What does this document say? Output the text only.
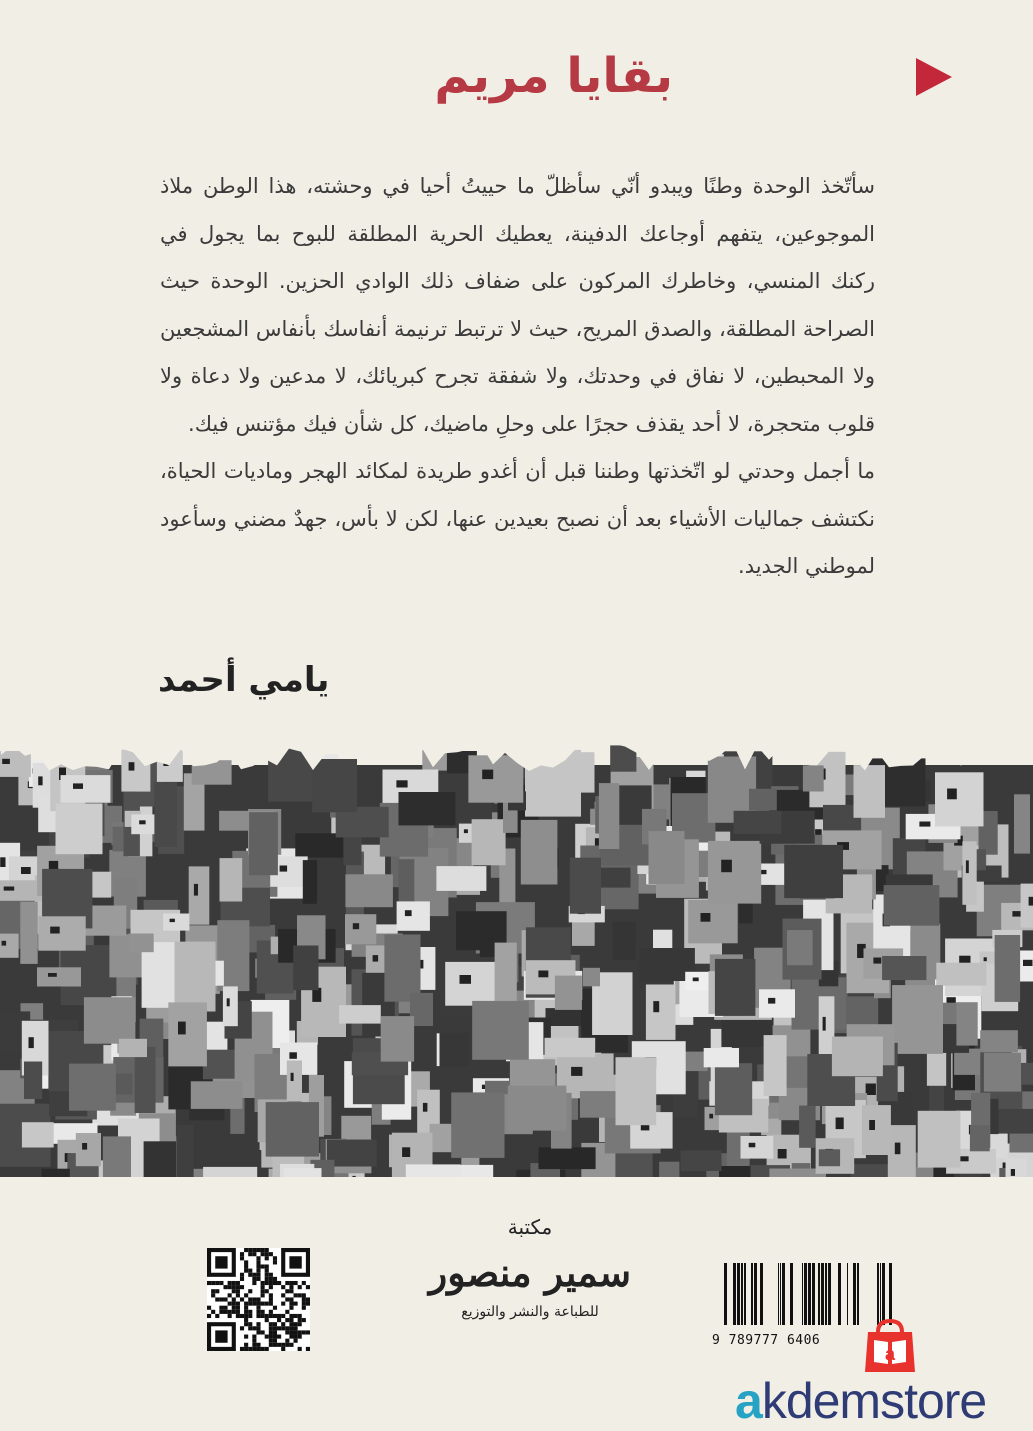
بقايا مريم

سأتّخذ الوحدة وطنًا ويبدو أنّي سأظلّ ما حييتُ أحيا في وحشته، هذا الوطن ملاذ الموجوعين، يتفهم أوجاعك الدفينة، يعطيك الحرية المطلقة للبوح بما يجول في ركنك المنسي، وخاطرك المركون على ضفاف ذلك الوادي الحزين. الوحدة حيث الصراحة المطلقة، والصدق المريح، حيث لا ترتبط ترنيمة أنفاسك بأنفاس المشجعين ولا المحبطين، لا نفاق في وحدتك، ولا شفقة تجرح كبريائك، لا مدعين ولا دعاة ولا قلوب متحجرة، لا أحد يقذف حجرًا على وحلِ ماضيك، كل شأن فيك مؤتنس فيك.

ما أجمل وحدتي لو اتّخذتها وطننا قبل أن أغدو طريدة لمكائد الهجر وماديات الحياة، نكتشف جماليات الأشياء بعد أن نصبح بعيدين عنها، لكن لا بأس، جهدٌ مضني وسأعود لموطني الجديد.

يامي أحمد
مكتبة
سمير منصور
للطباعة والنشر والتوزيع
9 789777 6406
a
akdemstore
